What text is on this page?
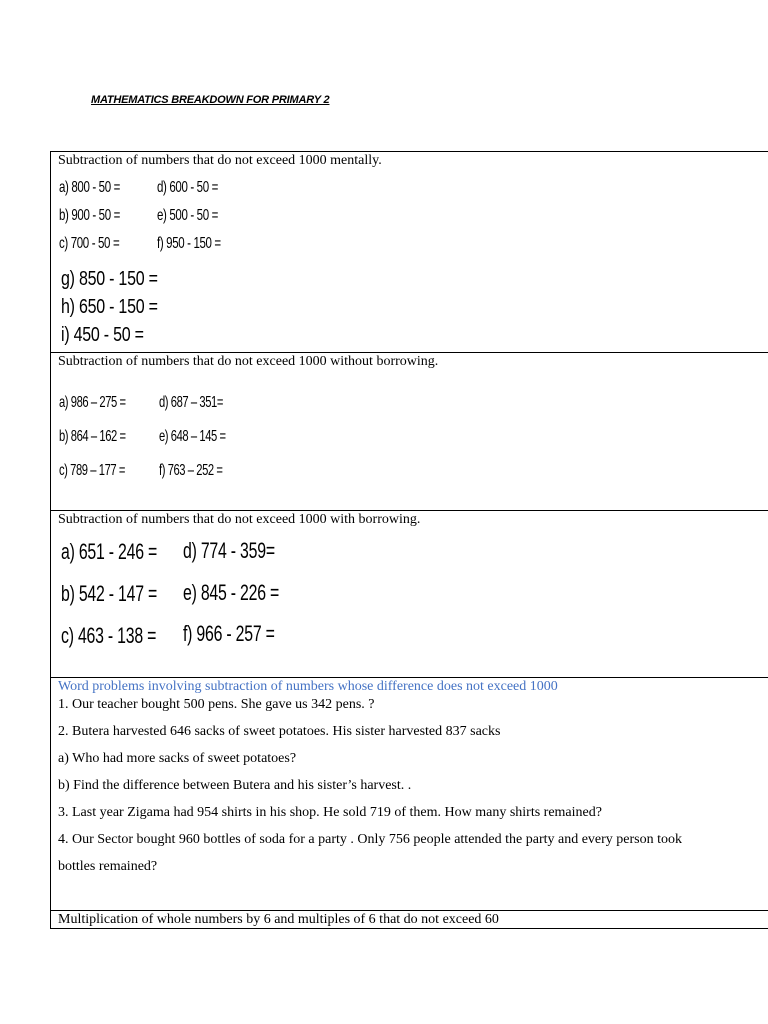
MATHEMATICS BREAKDOWN FOR PRIMARY 2
Subtraction of numbers that do not exceed 1000 mentally.
a) 800 - 50 =
b) 900 - 50 =
c) 700 - 50 =
d) 600 - 50 =
e) 500 - 50 =
f) 950 - 150 =
g) 850 - 150 =
h) 650 - 150 =
i) 450 - 50 =
Subtraction of numbers that do not exceed 1000 without borrowing.
a) 986 – 275 =
b) 864 – 162 =
c) 789 – 177 =
d) 687 – 351=
e) 648 – 145 =
f) 763 – 252 =
Subtraction of numbers that do not exceed 1000 with borrowing.
a) 651 - 246 =
b) 542 - 147 =
c) 463 - 138 =
d) 774 - 359=
e) 845 - 226 =
f) 966 - 257 =
Word problems involving subtraction of numbers whose difference does not exceed 1000
1. Our teacher bought 500 pens. She gave us 342 pens. ?
2. Butera harvested 646 sacks of sweet potatoes. His sister harvested 837 sacks
a) Who had more sacks of sweet potatoes?
b) Find the difference between Butera and his sister’s harvest. .
3. Last year Zigama had 954 shirts in his shop. He sold 719 of them. How many shirts remained?
4. Our Sector bought 960 bottles of soda for a party . Only 756 people attended the party and every person took
bottles remained?
Multiplication of whole numbers by 6 and multiples of 6 that do not exceed 60
